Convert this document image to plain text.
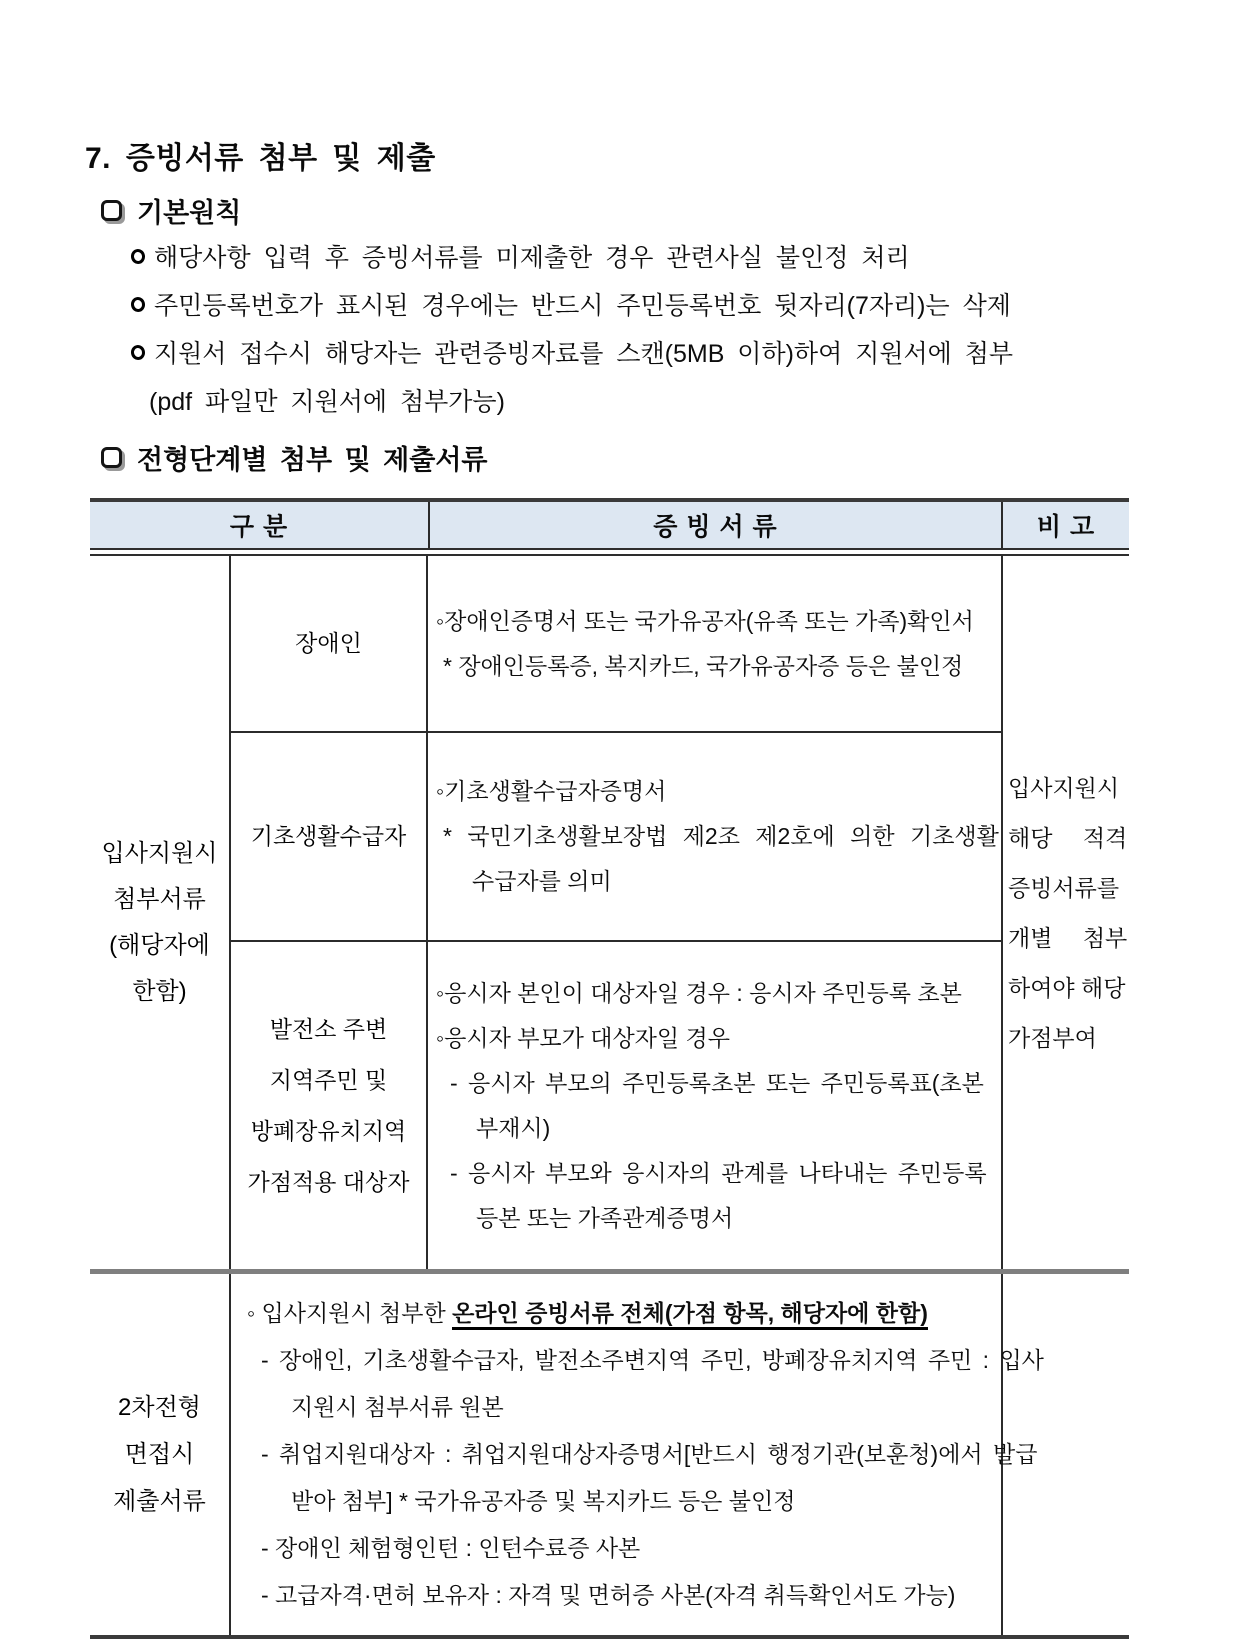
7. 증빙서류 첨부 및 제출
기본원칙
해당사항 입력 후 증빙서류를 미제출한 경우 관련사실 불인정 처리
주민등록번호가 표시된 경우에는 반드시 주민등록번호 뒷자리(7자리)는 삭제
지원서 접수시 해당자는 관련증빙자료를 스캔(5MB 이하)하여 지원서에 첨부
(pdf 파일만 지원서에 첨부가능)
전형단계별 첨부 및 제출서류
구 분	증 빙 서 류	비 고
입사지원시
첨부서류
(해당자에
한함)
장애인
◦장애인증명서 또는 국가유공자(유족 또는 가족)확인서
* 장애인등록증, 복지카드, 국가유공자증 등은 불인정
기초생활수급자
◦기초생활수급자증명서
* 국민기초생활보장법 제2조 제2호에 의한 기초생활
수급자를 의미
발전소 주변
지역주민 및
방폐장유치지역
가점적용 대상자
◦응시자 본인이 대상자일 경우 : 응시자 주민등록 초본
◦응시자 부모가 대상자일 경우
- 응시자 부모의 주민등록초본 또는 주민등록표(초본
부재시)
- 응시자 부모와 응시자의 관계를 나타내는 주민등록
등본 또는 가족관계증명서
입사지원시
해당 적격
증빙서류를
개별 첨부
하여야 해당
가점부여
2차전형
면접시
제출서류
◦ 입사지원시 첨부한 온라인 증빙서류 전체(가점 항목, 해당자에 한함)
- 장애인, 기초생활수급자, 발전소주변지역 주민, 방폐장유치지역 주민 : 입사
지원시 첨부서류 원본
- 취업지원대상자 : 취업지원대상자증명서[반드시 행정기관(보훈청)에서 발급
받아 첨부] * 국가유공자증 및 복지카드 등은 불인정
- 장애인 체험형인턴 : 인턴수료증 사본
- 고급자격·면허 보유자 : 자격 및 면허증 사본(자격 취득확인서도 가능)
